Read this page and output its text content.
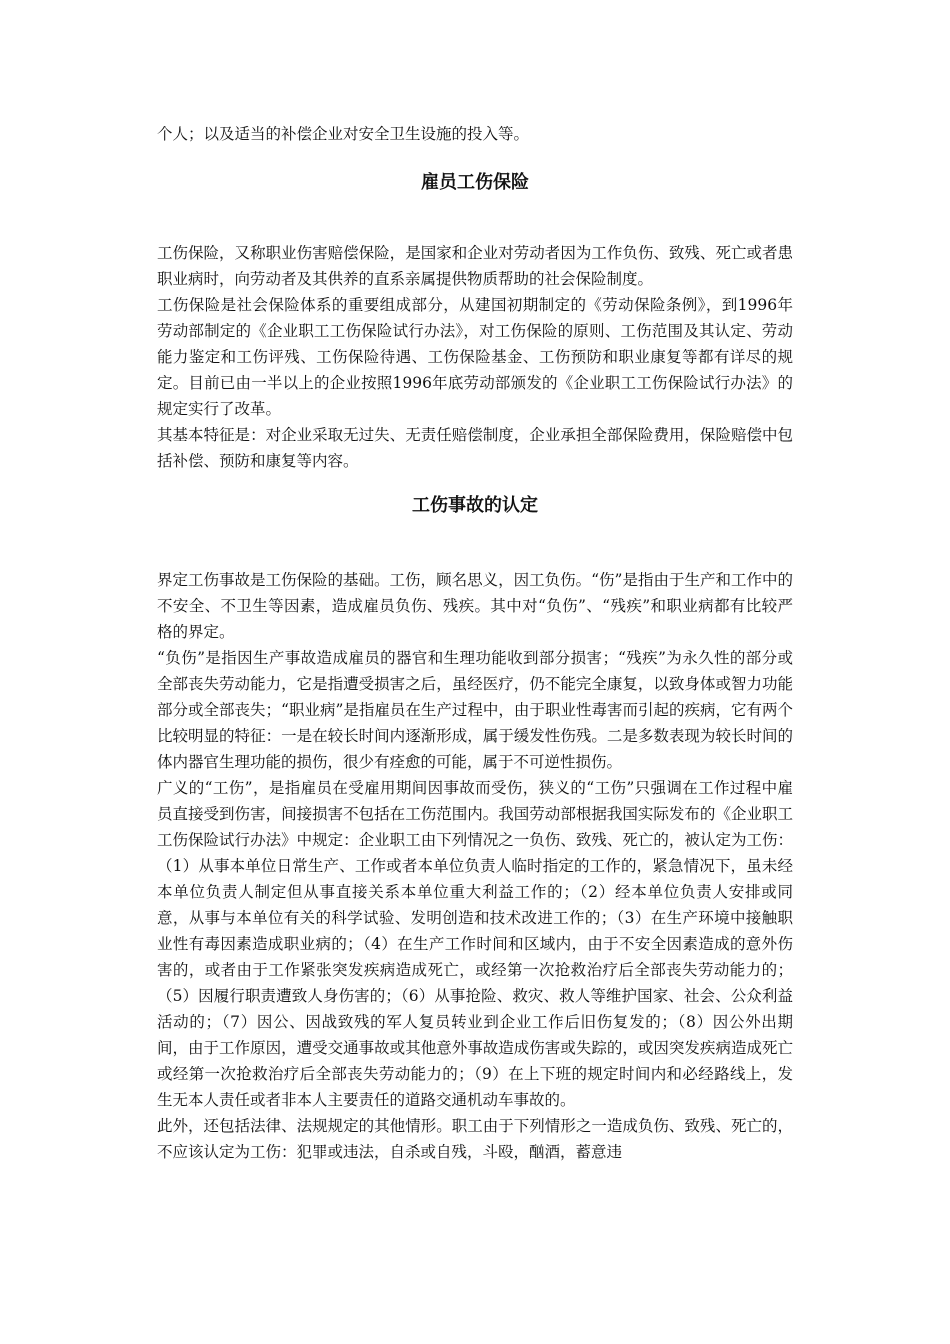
个人；以及适当的补偿企业对安全卫生设施的投入等。

雇员工伤保险

工伤保险，又称职业伤害赔偿保险，是国家和企业对劳动者因为工作负伤、致残、死亡或者患职业病时，向劳动者及其供养的直系亲属提供物质帮助的社会保险制度。

工伤保险是社会保险体系的重要组成部分，从建国初期制定的《劳动保险条例》，到1996年劳动部制定的《企业职工工伤保险试行办法》，对工伤保险的原则、工伤范围及其认定、劳动能力鉴定和工伤评残、工伤保险待遇、工伤保险基金、工伤预防和职业康复等都有详尽的规定。目前已由一半以上的企业按照1996年底劳动部颁发的《企业职工工伤保险试行办法》的规定实行了改革。

其基本特征是：对企业采取无过失、无责任赔偿制度，企业承担全部保险费用，保险赔偿中包括补偿、预防和康复等内容。

工伤事故的认定

界定工伤事故是工伤保险的基础。工伤，顾名思义，因工负伤。“伤”是指由于生产和工作中的不安全、不卫生等因素，造成雇员负伤、残疾。其中对“负伤”、“残疾”和职业病都有比较严格的界定。

“负伤”是指因生产事故造成雇员的器官和生理功能收到部分损害；“残疾”为永久性的部分或全部丧失劳动能力，它是指遭受损害之后，虽经医疗，仍不能完全康复，以致身体或智力功能部分或全部丧失；“职业病”是指雇员在生产过程中，由于职业性毒害而引起的疾病，它有两个比较明显的特征：一是在较长时间内逐渐形成，属于缓发性伤残。二是多数表现为较长时间的体内器官生理功能的损伤，很少有痊愈的可能，属于不可逆性损伤。

广义的“工伤”，是指雇员在受雇用期间因事故而受伤，狭义的“工伤”只强调在工作过程中雇员直接受到伤害，间接损害不包括在工伤范围内。我国劳动部根据我国实际发布的《企业职工工伤保险试行办法》中规定：企业职工由下列情况之一负伤、致残、死亡的，被认定为工伤：（1）从事本单位日常生产、工作或者本单位负责人临时指定的工作的，紧急情况下，虽未经本单位负责人制定但从事直接关系本单位重大利益工作的；（2）经本单位负责人安排或同意，从事与本单位有关的科学试验、发明创造和技术改进工作的；（3）在生产环境中接触职业性有毒因素造成职业病的；（4）在生产工作时间和区域内，由于不安全因素造成的意外伤害的，或者由于工作紧张突发疾病造成死亡，或经第一次抢救治疗后全部丧失劳动能力的；（5）因履行职责遭致人身伤害的；（6）从事抢险、救灾、救人等维护国家、社会、公众利益活动的；（7）因公、因战致残的军人复员转业到企业工作后旧伤复发的；（8）因公外出期间，由于工作原因，遭受交通事故或其他意外事故造成伤害或失踪的，或因突发疾病造成死亡或经第一次抢救治疗后全部丧失劳动能力的；（9）在上下班的规定时间内和必经路线上，发生无本人责任或者非本人主要责任的道路交通机动车事故的。

此外，还包括法律、法规规定的其他情形。职工由于下列情形之一造成负伤、致残、死亡的，不应该认定为工伤：犯罪或违法，自杀或自残，斗殴，酗酒，蓄意违
